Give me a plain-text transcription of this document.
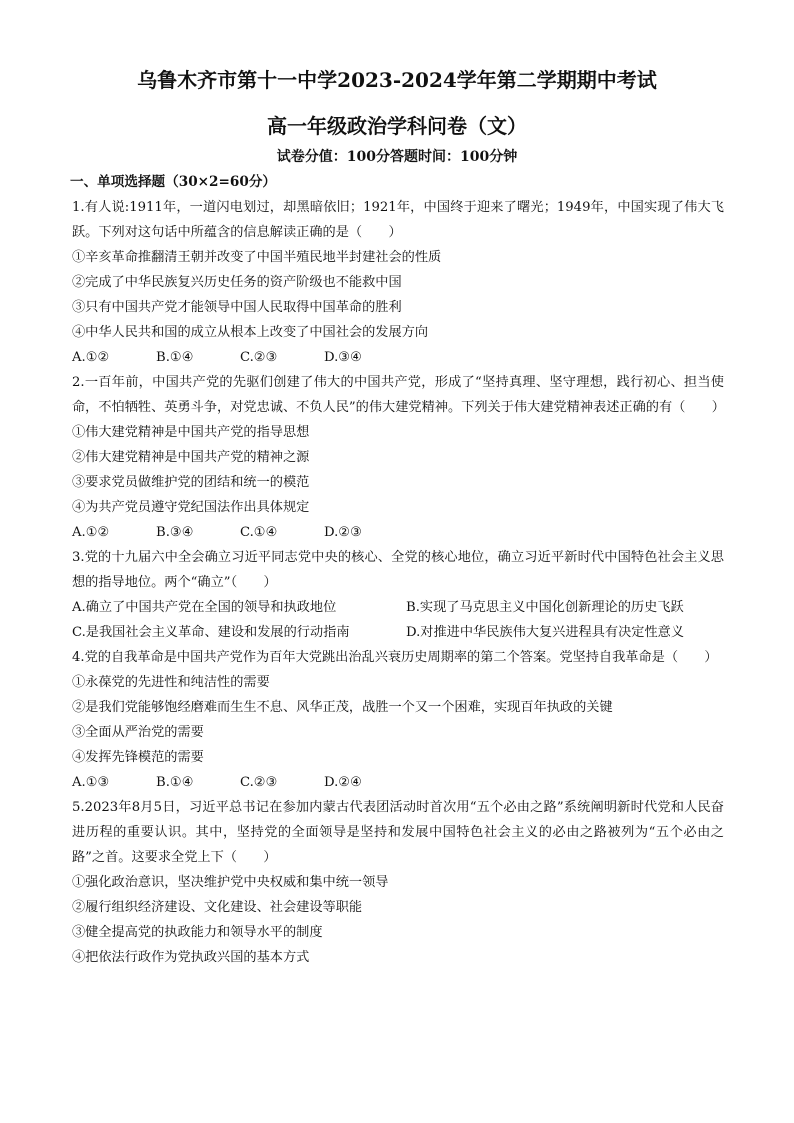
乌鲁木齐市第十一中学2023-2024学年第二学期期中考试
高一年级政治学科问卷（文）
试卷分值：100分答题时间：100分钟
一、单项选择题（30×2=60分）
1.有人说:1911年，一道闪电划过，却黑暗依旧；1921年，中国终于迎来了曙光；1949年，中国实现了伟大飞跃。下列对这句话中所蕴含的信息解读正确的是（　　）
①辛亥革命推翻清王朝并改变了中国半殖民地半封建社会的性质
②完成了中华民族复兴历史任务的资产阶级也不能救中国
③只有中国共产党才能领导中国人民取得中国革命的胜利
④中华人民共和国的成立从根本上改变了中国社会的发展方向
A.①②	B.①④	C.②③	D.③④
2.一百年前，中国共产党的先驱们创建了伟大的中国共产党，形成了“坚持真理、坚守理想，践行初心、担当使命，不怕牺牲、英勇斗争，对党忠诚、不负人民”的伟大建党精神。下列关于伟大建党精神表述正确的有（　　）
①伟大建党精神是中国共产党的指导思想
②伟大建党精神是中国共产党的精神之源
③要求党员做维护党的团结和统一的模范
④为共产党员遵守党纪国法作出具体规定
A.①②	B.③④	C.①④	D.②③
3.党的十九届六中全会确立习近平同志党中央的核心、全党的核心地位，确立习近平新时代中国特色社会主义思想的指导地位。两个“确立”（　　）
A.确立了中国共产党在全国的领导和执政地位	B.实现了马克思主义中国化创新理论的历史飞跃
C.是我国社会主义革命、建设和发展的行动指南	D.对推进中华民族伟大复兴进程具有决定性意义
4.党的自我革命是中国共产党作为百年大党跳出治乱兴衰历史周期率的第二个答案。党坚持自我革命是（　　）
①永葆党的先进性和纯洁性的需要
②是我们党能够饱经磨难而生生不息、风华正茂，战胜一个又一个困难，实现百年执政的关键
③全面从严治党的需要
④发挥先锋模范的需要
A.①③	B.①④	C.②③	D.②④
5.2023年8月5日，习近平总书记在参加内蒙古代表团活动时首次用“五个必由之路”系统阐明新时代党和人民奋进历程的重要认识。其中，坚持党的全面领导是坚持和发展中国特色社会主义的必由之路被列为“五个必由之路”之首。这要求全党上下（　　）
①强化政治意识，坚决维护党中央权威和集中统一领导
②履行组织经济建设、文化建设、社会建设等职能
③健全提高党的执政能力和领导水平的制度
④把依法行政作为党执政兴国的基本方式
